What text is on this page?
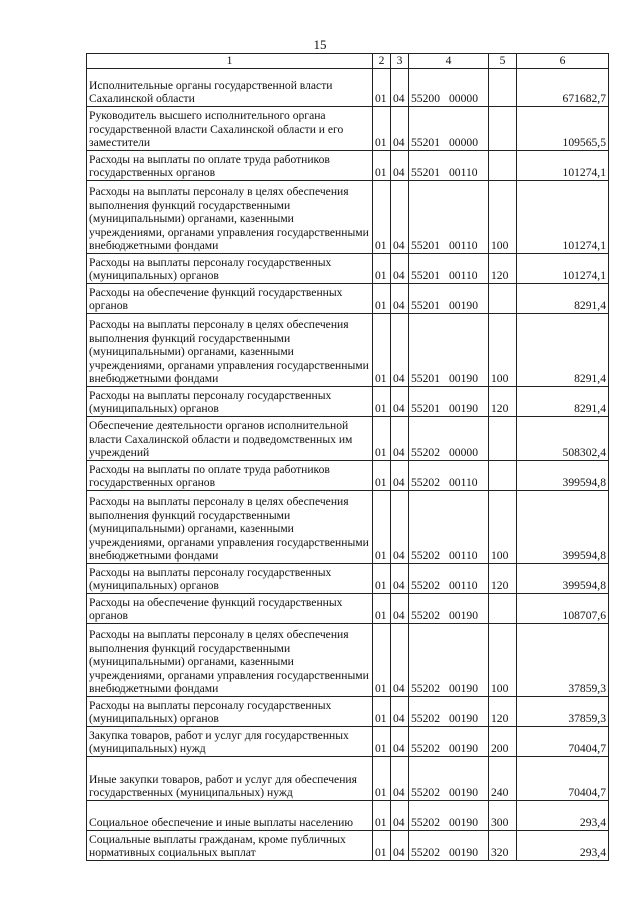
15
1	2	3	4	5	6
Исполнительные органы государственной власти Сахалинской области	01	04	55200 00000		671682,7
Руководитель высшего исполнительного органа государственной власти Сахалинской области и его заместители	01	04	55201 00000		109565,5
Расходы на выплаты по оплате труда работников государственных органов	01	04	55201 00110		101274,1
Расходы на выплаты персоналу в целях обеспечения выполнения функций государственными (муниципальными) органами, казенными учреждениями, органами управления государственными внебюджетными фондами	01	04	55201 00110	100	101274,1
Расходы на выплаты персоналу государственных (муниципальных) органов	01	04	55201 00110	120	101274,1
Расходы на обеспечение функций государственных органов	01	04	55201 00190		8291,4
Расходы на выплаты персоналу в целях обеспечения выполнения функций государственными (муниципальными) органами, казенными учреждениями, органами управления государственными внебюджетными фондами	01	04	55201 00190	100	8291,4
Расходы на выплаты персоналу государственных (муниципальных) органов	01	04	55201 00190	120	8291,4
Обеспечение деятельности органов исполнительной власти Сахалинской области и подведомственных им учреждений	01	04	55202 00000		508302,4
Расходы на выплаты по оплате труда работников государственных органов	01	04	55202 00110		399594,8
Расходы на выплаты персоналу в целях обеспечения выполнения функций государственными (муниципальными) органами, казенными учреждениями, органами управления государственными внебюджетными фондами	01	04	55202 00110	100	399594,8
Расходы на выплаты персоналу государственных (муниципальных) органов	01	04	55202 00110	120	399594,8
Расходы на обеспечение функций государственных органов	01	04	55202 00190		108707,6
Расходы на выплаты персоналу в целях обеспечения выполнения функций государственными (муниципальными) органами, казенными учреждениями, органами управления государственными внебюджетными фондами	01	04	55202 00190	100	37859,3
Расходы на выплаты персоналу государственных (муниципальных) органов	01	04	55202 00190	120	37859,3
Закупка товаров, работ и услуг для государственных (муниципальных) нужд	01	04	55202 00190	200	70404,7
Иные закупки товаров, работ и услуг для обеспечения государственных (муниципальных) нужд	01	04	55202 00190	240	70404,7
Социальное обеспечение и иные выплаты населению	01	04	55202 00190	300	293,4
Социальные выплаты гражданам, кроме публичных нормативных социальных выплат	01	04	55202 00190	320	293,4
